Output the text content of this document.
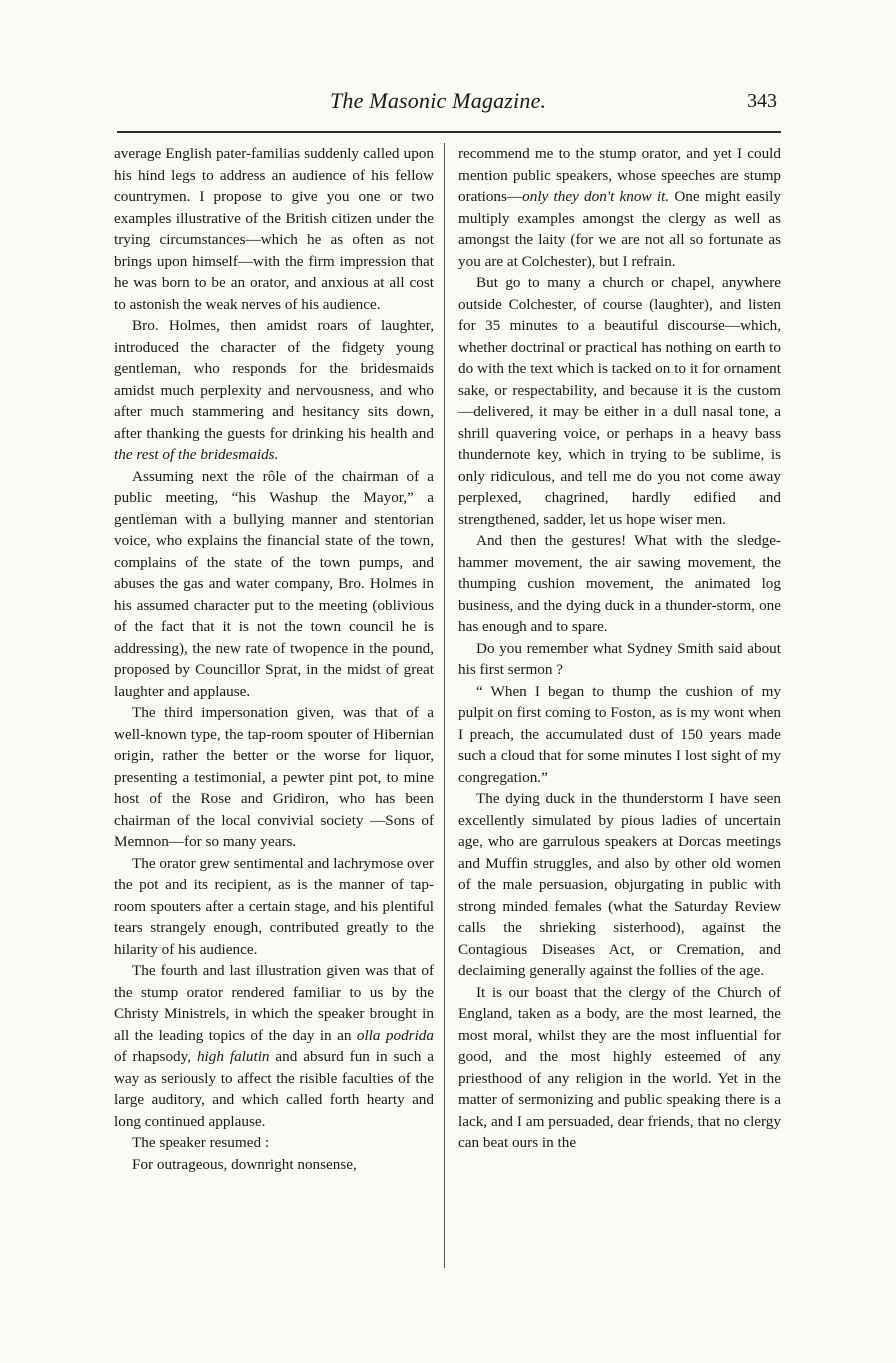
The Masonic Magazine.	343

average English pater-familias suddenly called upon his hind legs to address an audience of his fellow countrymen. I propose to give you one or two examples illustrative of the British citizen under the trying circumstances—which he as often as not brings upon himself—with the firm impression that he was born to be an orator, and anxious at all cost to astonish the weak nerves of his audience.

Bro. Holmes, then amidst roars of laughter, introduced the character of the fidgety young gentleman, who responds for the bridesmaids amidst much perplexity and nervousness, and who after much stammering and hesitancy sits down, after thanking the guests for drinking his health and the rest of the bridesmaids.

Assuming next the rôle of the chairman of a public meeting, “his Washup the Mayor,” a gentleman with a bullying manner and stentorian voice, who explains the financial state of the town, complains of the state of the town pumps, and abuses the gas and water company, Bro. Holmes in his assumed character put to the meeting (oblivious of the fact that it is not the town council he is addressing), the new rate of twopence in the pound, proposed by Councillor Sprat, in the midst of great laughter and applause.

The third impersonation given, was that of a well-known type, the tap-room spouter of Hibernian origin, rather the better or the worse for liquor, presenting a testimonial, a pewter pint pot, to mine host of the Rose and Gridiron, who has been chairman of the local convivial society —Sons of Memnon—for so many years.

The orator grew sentimental and lachrymose over the pot and its recipient, as is the manner of tap-room spouters after a certain stage, and his plentiful tears strangely enough, contributed greatly to the hilarity of his audience.

The fourth and last illustration given was that of the stump orator rendered familiar to us by the Christy Ministrels, in which the speaker brought in all the leading topics of the day in an olla podrida of rhapsody, high falutin and absurd fun in such a way as seriously to affect the risible faculties of the large auditory, and which called forth hearty and long continued applause.

The speaker resumed :

For outrageous, downright nonsense,

recommend me to the stump orator, and yet I could mention public speakers, whose speeches are stump orations—only they don't know it. One might easily multiply examples amongst the clergy as well as amongst the laity (for we are not all so fortunate as you are at Colchester), but I refrain.

But go to many a church or chapel, anywhere outside Colchester, of course (laughter), and listen for 35 minutes to a beautiful discourse—which, whether doctrinal or practical has nothing on earth to do with the text which is tacked on to it for ornament sake, or respectability, and because it is the custom—delivered, it may be either in a dull nasal tone, a shrill quavering voice, or perhaps in a heavy bass thundernote key, which in trying to be sublime, is only ridiculous, and tell me do you not come away perplexed, chagrined, hardly edified and strengthened, sadder, let us hope wiser men.

And then the gestures! What with the sledge-hammer movement, the air sawing movement, the thumping cushion movement, the animated log business, and the dying duck in a thunder-storm, one has enough and to spare.

Do you remember what Sydney Smith said about his first sermon ?

“ When I began to thump the cushion of my pulpit on first coming to Foston, as is my wont when I preach, the accumulated dust of 150 years made such a cloud that for some minutes I lost sight of my congregation.”

The dying duck in the thunderstorm I have seen excellently simulated by pious ladies of uncertain age, who are garrulous speakers at Dorcas meetings and Muffin struggles, and also by other old women of the male persuasion, objurgating in public with strong minded females (what the Saturday Review calls the shrieking sisterhood), against the Contagious Diseases Act, or Cremation, and declaiming generally against the follies of the age.

It is our boast that the clergy of the Church of England, taken as a body, are the most learned, the most moral, whilst they are the most influential for good, and the most highly esteemed of any priesthood of any religion in the world. Yet in the matter of sermonizing and public speaking there is a lack, and I am persuaded, dear friends, that no clergy can beat ours in the
